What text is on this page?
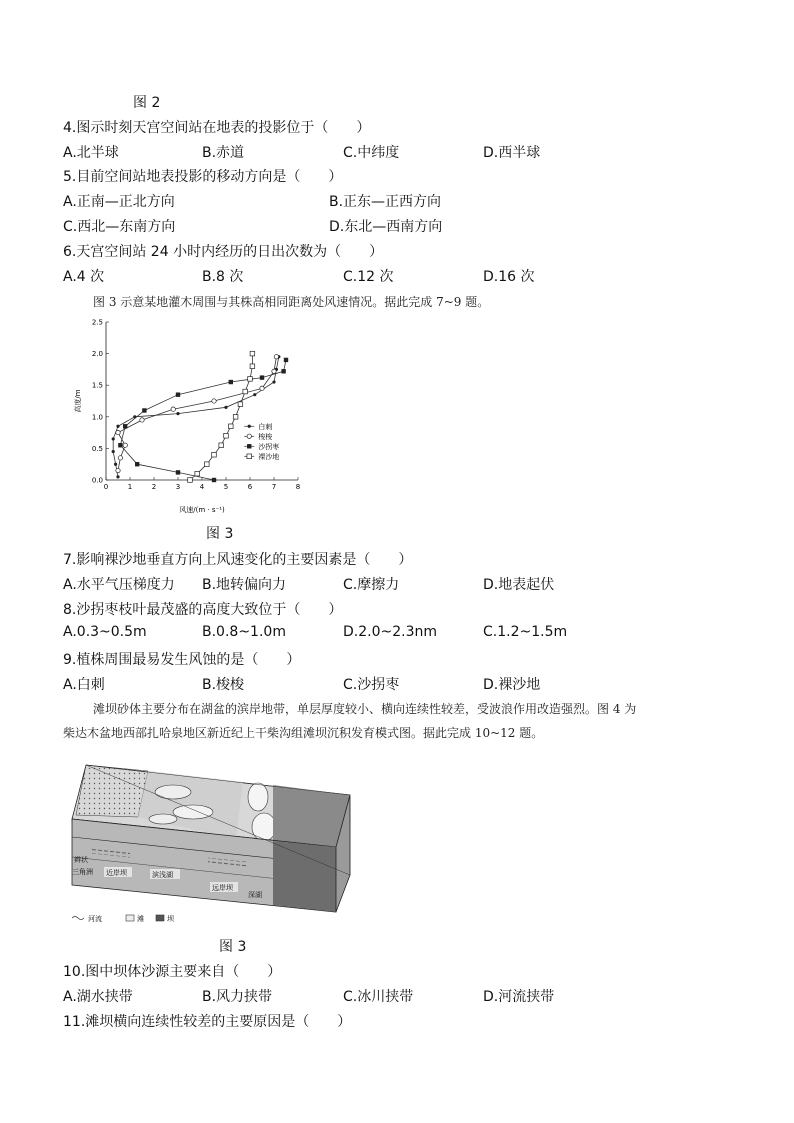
图 2
4.图示时刻天宫空间站在地表的投影位于（　　）
A.北半球	B.赤道	C.中纬度	D.西半球
5.目前空间站地表投影的移动方向是（　　）
A.正南—正北方向	B.正东—正西方向
C.西北—东南方向	D.东北—西南方向
6.天宫空间站 24 小时内经历的日出次数为（　　）
A.4 次	B.8 次	C.12 次	D.16 次
图 3 示意某地灌木周围与其株高相同距离处风速情况。据此完成 7~9 题。
0	1	2	3	4	5	6	7	8
0.0
0.5
1.0
1.5
2.0
2.5
白刺
梭梭
沙拐枣
裸沙地
风速/(m · s⁻¹)
高度/m
图 3
7.影响裸沙地垂直方向上风速变化的主要因素是（　　）
A.水平气压梯度力 B.地转偏向力	C.摩擦力	D.地表起伏
8.沙拐枣枝叶最茂盛的高度大致位于（　　）
A.0.3~0.5m	B.0.8~1.0m	D.2.0~2.3nm	C.1.2~1.5m
9.植株周围最易发生风蚀的是（　　）
A.白刺	B.梭梭	C.沙拐枣	D.裸沙地
滩坝砂体主要分布在湖盆的滨岸地带，单层厚度较小、横向连续性较差，受波浪作用改造强烈。图 4 为
柴达木盆地西部扎哈泉地区新近纪上干柴沟组滩坝沉积发育模式图。据此完成 10~12 题。
辫状
三角洲 近岸坝	滨浅湖
远岸坝
深湖
河流	滩	坝
图 3
10.图中坝体沙源主要来自（　　）
A.湖水挟带	B.风力挟带	C.冰川挟带	D.河流挟带
11.滩坝横向连续性较差的主要原因是（　　）
